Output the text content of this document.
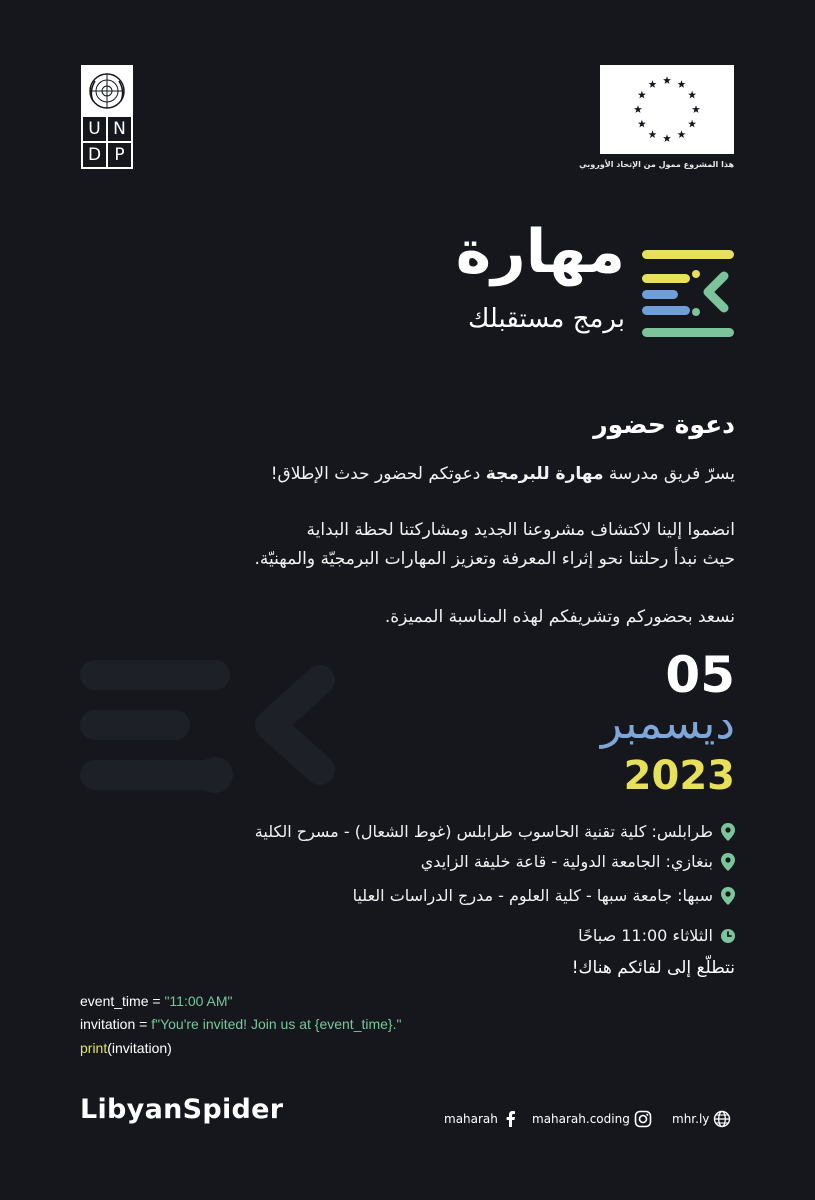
U N
D P	هذا المشروع ممول من الإتحاد الأوروبي
مهارة
برمج مستقبلك
دعوة حضور
يسرّ فريق مدرسة مهارة للبرمجة دعوتكم لحضور حدث الإطلاق!
انضموا إلينا لاكتشاف مشروعنا الجديد ومشاركتنا لحظة البداية
حيث نبدأ رحلتنا نحو إثراء المعرفة وتعزيز المهارات البرمجيّة والمهنيّة.
نسعد بحضوركم وتشريفكم لهذه المناسبة المميزة.
05
ديسمبر
2023
طرابلس: كلية تقنية الحاسوب طرابلس (غوط الشعال) - مسرح الكلية
بنغازي: الجامعة الدولية - قاعة خليفة الزايدي
سبها: جامعة سبها - كلية العلوم - مدرج الدراسات العليا
الثلاثاء 11:00 صباحًا
نتطلّع إلى لقائكم هناك!
event_time = "11:00 AM"
invitation = f"You're invited! Join us at {event_time}."
print(invitation)
LibyanSpider	maharah	maharah.coding	mhr.ly
